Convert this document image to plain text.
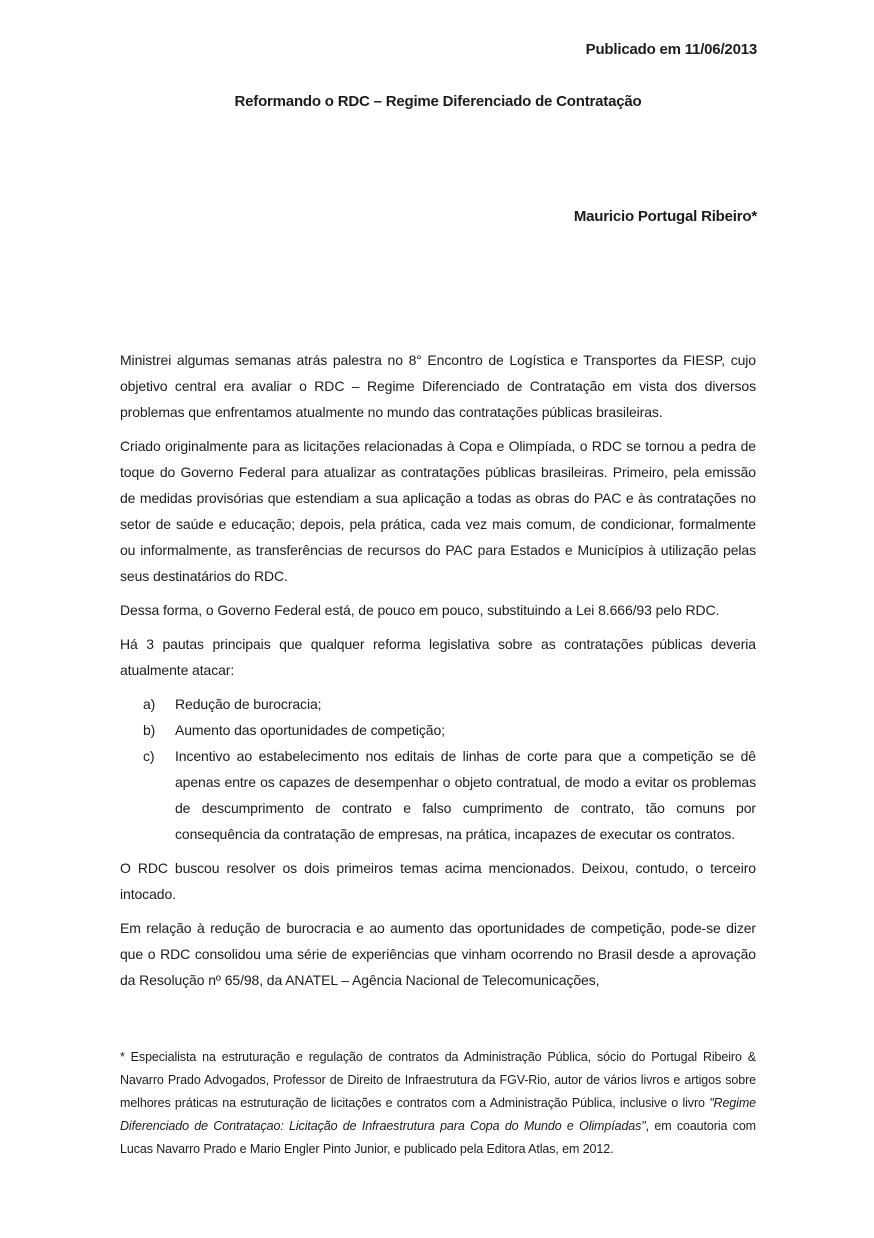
Publicado em 11/06/2013
Reformando o RDC – Regime Diferenciado de Contratação
Mauricio Portugal Ribeiro*

Ministrei algumas semanas atrás palestra no 8° Encontro de Logística e Transportes da FIESP, cujo objetivo central era avaliar o RDC – Regime Diferenciado de Contratação em vista dos diversos problemas que enfrentamos atualmente no mundo das contratações públicas brasileiras.

Criado originalmente para as licitações relacionadas à Copa e Olimpíada, o RDC se tornou a pedra de toque do Governo Federal para atualizar as contratações públicas brasileiras. Primeiro, pela emissão de medidas provisórias que estendiam a sua aplicação a todas as obras do PAC e às contratações no setor de saúde e educação; depois, pela prática, cada vez mais comum, de condicionar, formalmente ou informalmente, as transferências de recursos do PAC para Estados e Municípios à utilização pelas seus destinatários do RDC.

Dessa forma, o Governo Federal está, de pouco em pouco, substituindo a Lei 8.666/93 pelo RDC.

Há 3 pautas principais que qualquer reforma legislativa sobre as contratações públicas deveria atualmente atacar:

a) Redução de burocracia;
b) Aumento das oportunidades de competição;
c) Incentivo ao estabelecimento nos editais de linhas de corte para que a competição se dê apenas entre os capazes de desempenhar o objeto contratual, de modo a evitar os problemas de descumprimento de contrato e falso cumprimento de contrato, tão comuns por consequência da contratação de empresas, na prática, incapazes de executar os contratos.

O RDC buscou resolver os dois primeiros temas acima mencionados. Deixou, contudo, o terceiro intocado.

Em relação à redução de burocracia e ao aumento das oportunidades de competição, pode-se dizer que o RDC consolidou uma série de experiências que vinham ocorrendo no Brasil desde a aprovação da Resolução nº 65/98, da ANATEL – Agência Nacional de Telecomunicações,

* Especialista na estruturação e regulação de contratos da Administração Pública, sócio do Portugal Ribeiro & Navarro Prado Advogados, Professor de Direito de Infraestrutura da FGV-Rio, autor de vários livros e artigos sobre melhores práticas na estruturação de licitações e contratos com a Administração Pública, inclusive o livro "Regime Diferenciado de Contrataçao: Licitação de Infraestrutura para Copa do Mundo e Olimpíadas", em coautoria com Lucas Navarro Prado e Mario Engler Pinto Junior, e publicado pela Editora Atlas, em 2012.
